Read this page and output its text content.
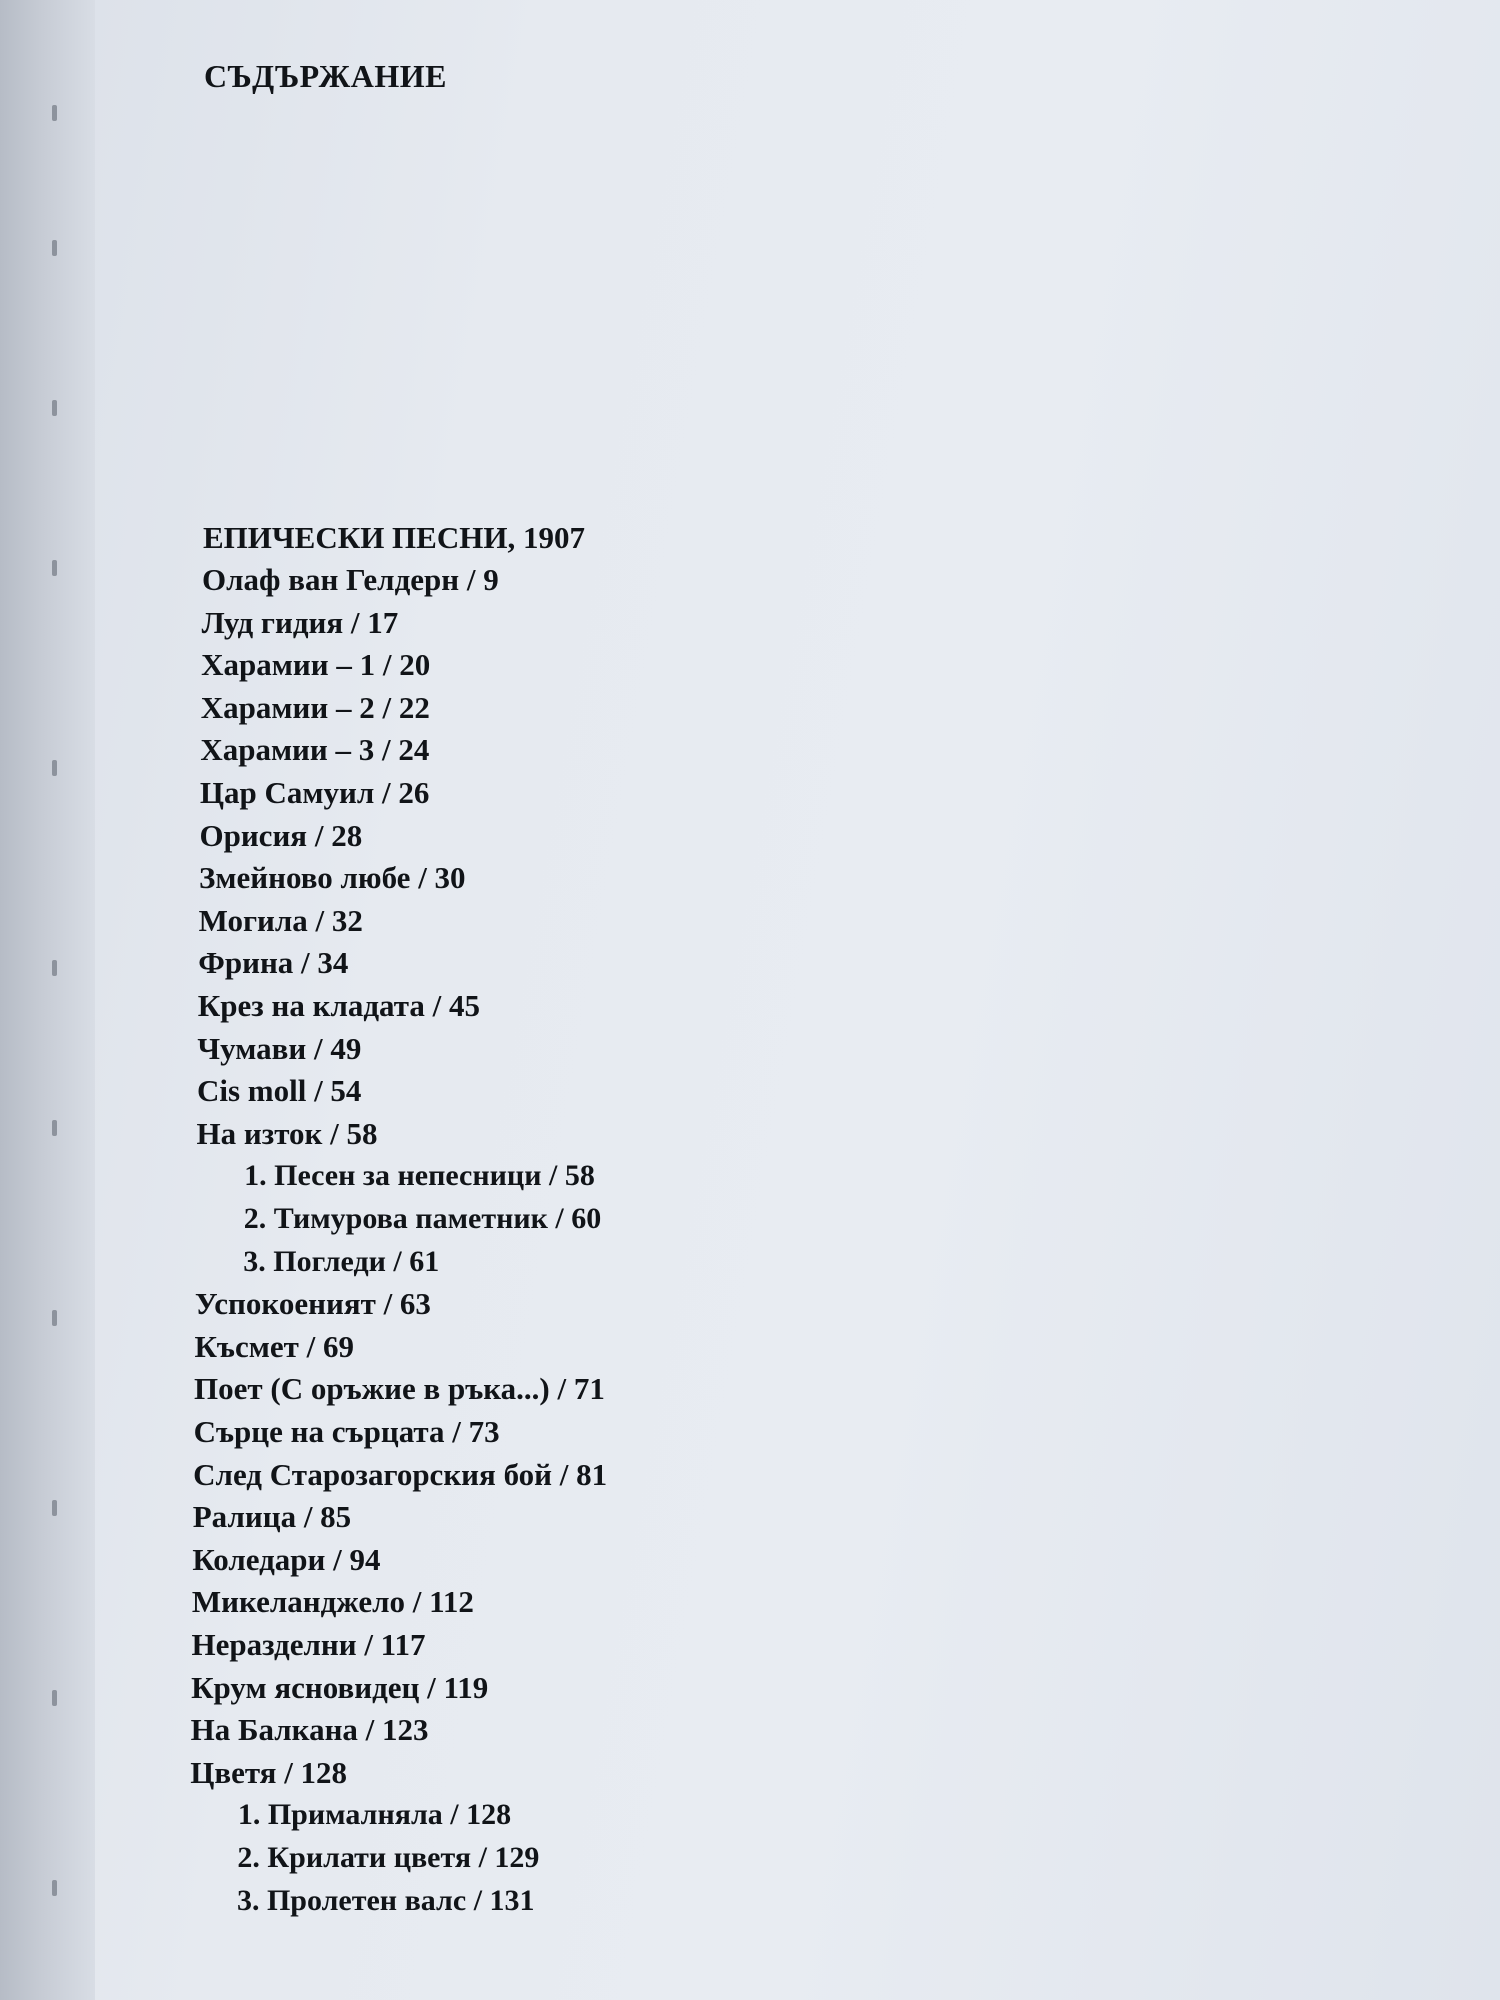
СЪДЪРЖАНИЕ
ЕПИЧЕСКИ ПЕСНИ, 1907
Олаф ван Гелдерн / 9
Луд гидия / 17
Харамии – 1 / 20
Харамии – 2 / 22
Харамии – 3 / 24
Цар Самуил / 26
Орисия / 28
Змейново любе / 30
Могила / 32
Фрина / 34
Крез на кладата / 45
Чумави / 49
Cis moll / 54
На изток / 58
1. Песен за непесници / 58
2. Тимурова паметник / 60
3. Погледи / 61
Успокоеният / 63
Късмет / 69
Поет (С оръжие в ръка...) / 71
Сърце на сърцата / 73
След Старозагорския бой / 81
Ралица / 85
Коледари / 94
Микеланджело / 112
Неразделни / 117
Крум ясновидец / 119
На Балкана / 123
Цветя / 128
1. Прималняла / 128
2. Крилати цветя / 129
3. Пролетен валс / 131
